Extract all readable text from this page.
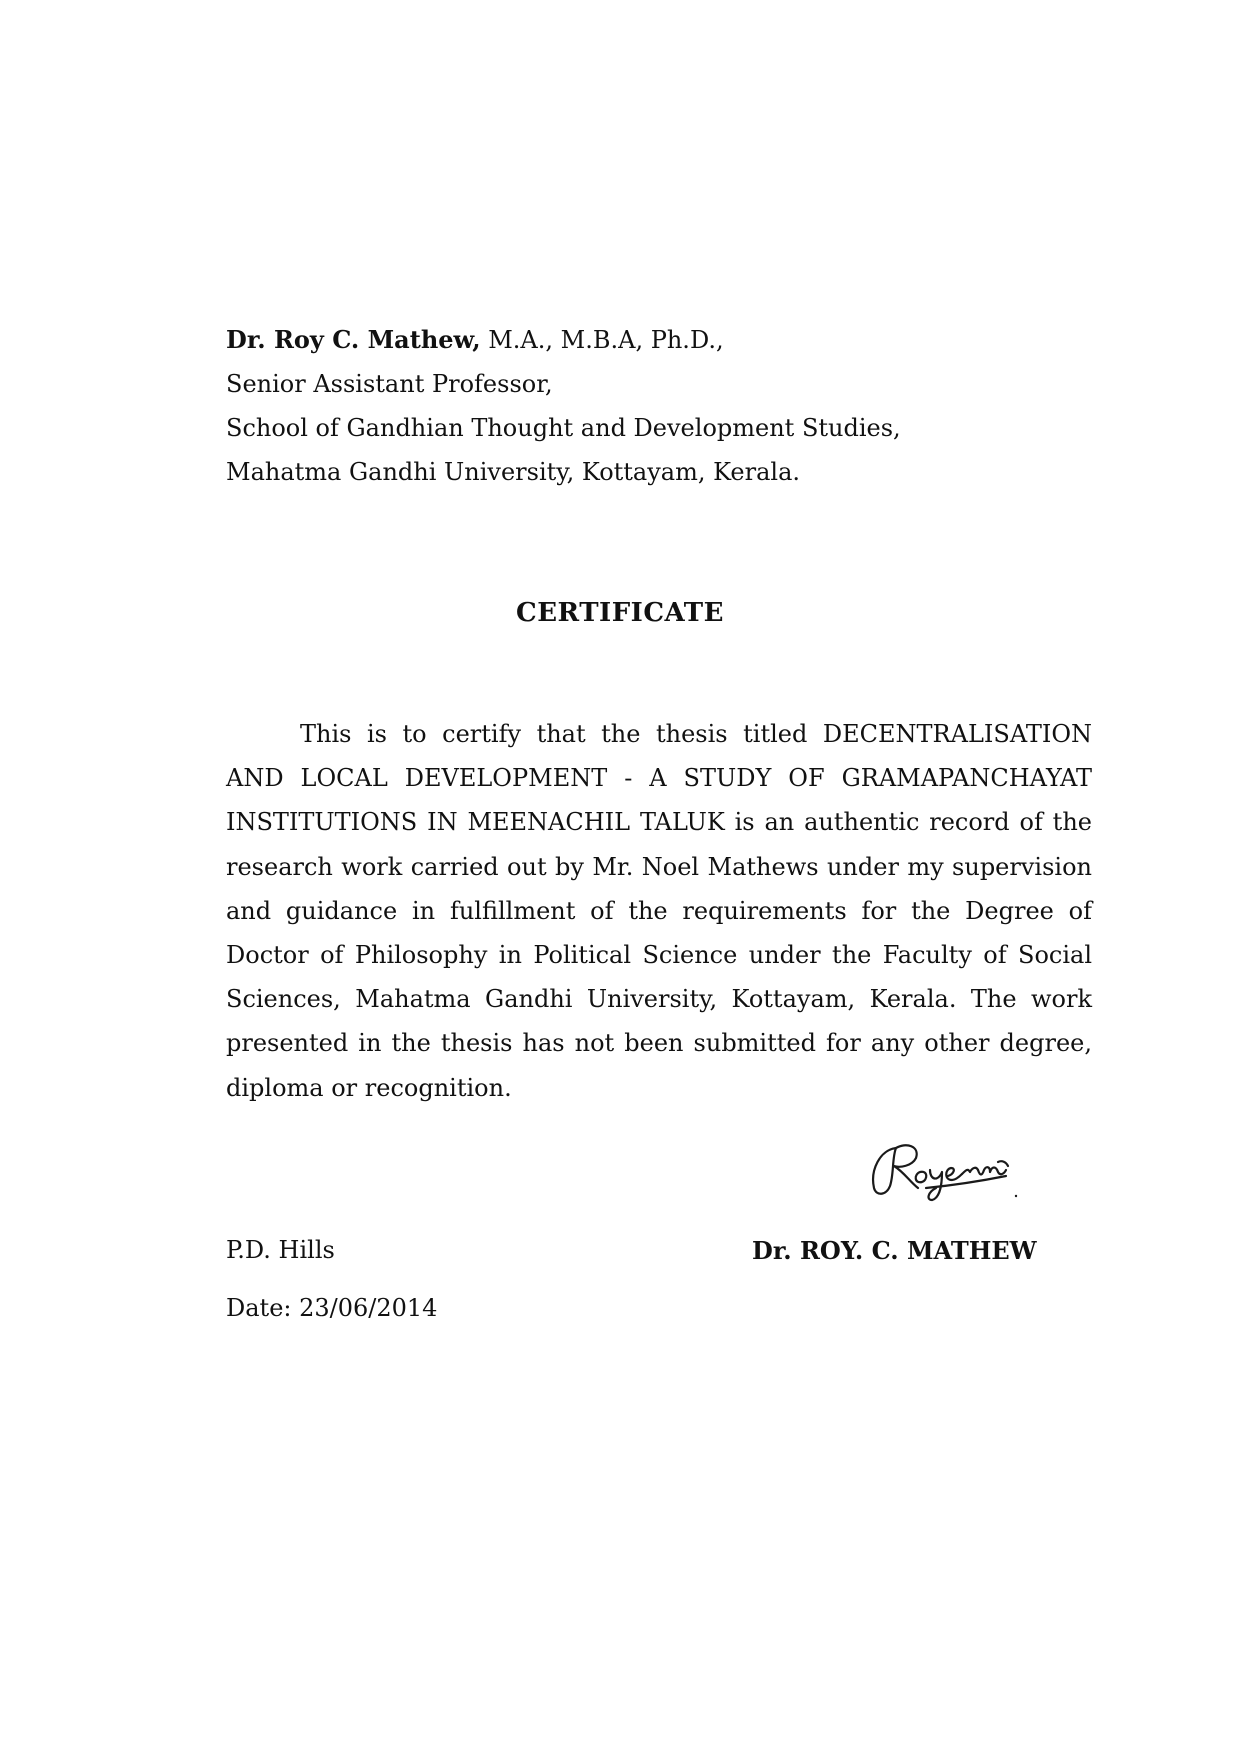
Dr. Roy C. Mathew, M.A., M.B.A, Ph.D.,
Senior Assistant Professor,
School of Gandhian Thought and Development Studies,
Mahatma Gandhi University, Kottayam, Kerala.
CERTIFICATE
This is to certify that the thesis titled DECENTRALISATION AND LOCAL DEVELOPMENT - A STUDY OF GRAMAPANCHAYAT INSTITUTIONS IN MEENACHIL TALUK is an authentic record of the research work carried out by Mr. Noel Mathews under my supervision and guidance in fulfillment of the requirements for the Degree of Doctor of Philosophy in Political Science under the Faculty of Social Sciences, Mahatma Gandhi University, Kottayam, Kerala. The work presented in the thesis has not been submitted for any other degree, diploma or recognition.
P.D. Hills	Dr. ROY. C. MATHEW
Date: 23/06/2014
